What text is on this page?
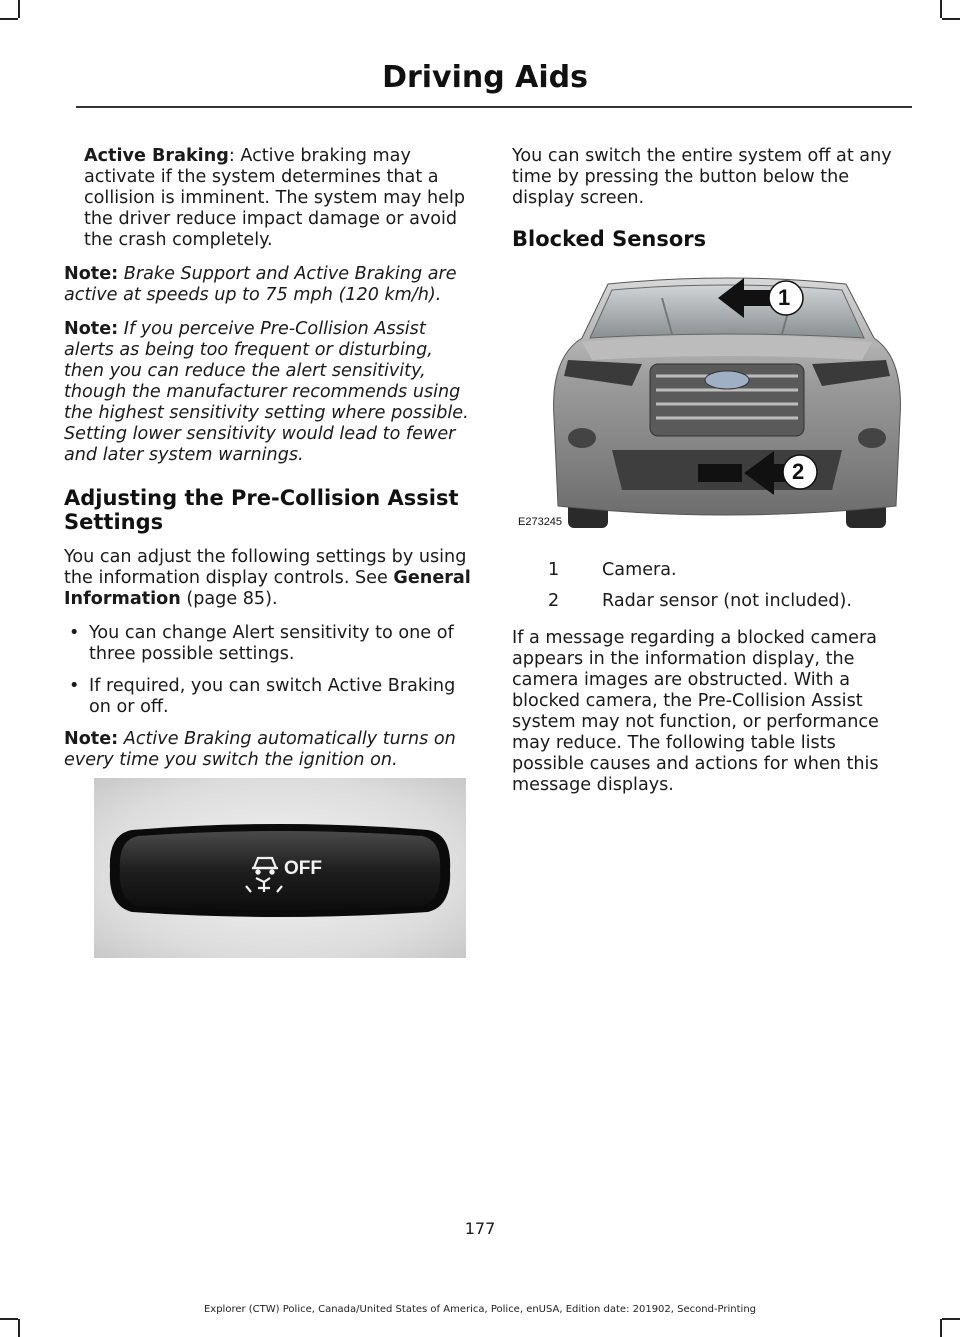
Driving Aids

Active Braking: Active braking may activate if the system determines that a collision is imminent. The system may help the driver reduce impact damage or avoid the crash completely.

Note: Brake Support and Active Braking are active at speeds up to 75 mph (120 km/h).

Note: If you perceive Pre-Collision Assist alerts as being too frequent or disturbing, then you can reduce the alert sensitivity, though the manufacturer recommends using the highest sensitivity setting where possible. Setting lower sensitivity would lead to fewer and later system warnings.

Adjusting the Pre-Collision Assist Settings

You can adjust the following settings by using the information display controls. See General Information (page 85).

• You can change Alert sensitivity to one of three possible settings.
• If required, you can switch Active Braking on or off.

Note: Active Braking automatically turns on every time you switch the ignition on.

OFF

You can switch the entire system off at any time by pressing the button below the display screen.

Blocked Sensors
1
2
E273245
1	Camera.
2	Radar sensor (not included).

If a message regarding a blocked camera appears in the information display, the camera images are obstructed. With a blocked camera, the Pre-Collision Assist system may not function, or performance may reduce. The following table lists possible causes and actions for when this message displays.

177
Explorer (CTW) Police, Canada/United States of America, Police, enUSA, Edition date: 201902, Second-Printing
